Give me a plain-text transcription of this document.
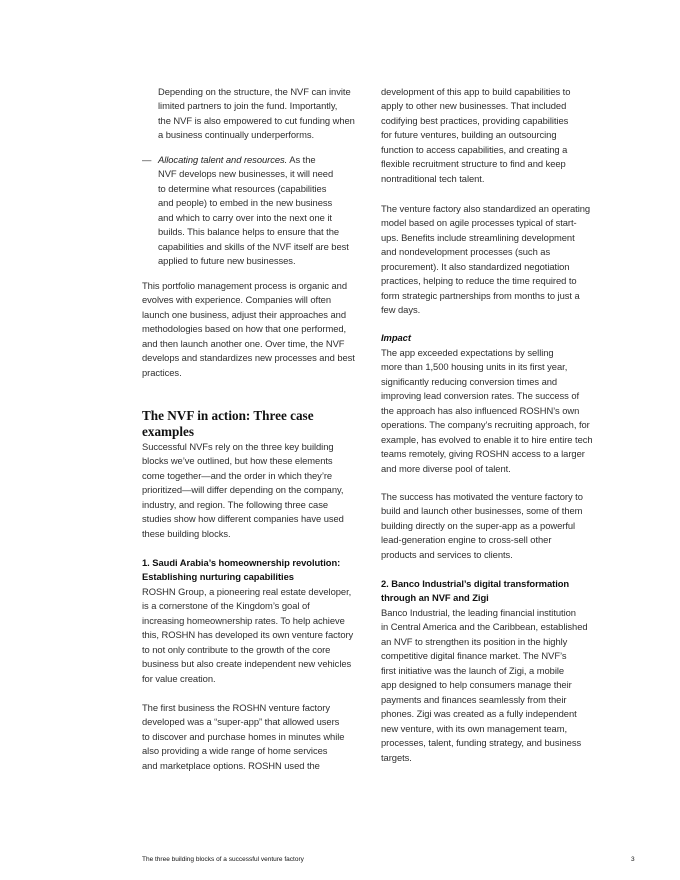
Depending on the structure, the NVF can invite
limited partners to join the fund. Importantly,
the NVF is also empowered to cut funding when
a business continually underperforms.
— Allocating talent and resources. As the
NVF develops new businesses, it will need
to determine what resources (capabilities
and people) to embed in the new business
and which to carry over into the next one it
builds. This balance helps to ensure that the
capabilities and skills of the NVF itself are best
applied to future new businesses.
This portfolio management process is organic and
evolves with experience. Companies will often
launch one business, adjust their approaches and
methodologies based on how that one performed,
and then launch another one. Over time, the NVF
develops and standardizes new processes and best
practices.
The NVF in action: Three case
examples
Successful NVFs rely on the three key building
blocks we’ve outlined, but how these elements
come together—and the order in which they’re
prioritized—will differ depending on the company,
industry, and region. The following three case
studies show how different companies have used
these building blocks.
1. Saudi Arabia’s homeownership revolution:
Establishing nurturing capabilities
ROSHN Group, a pioneering real estate developer,
is a cornerstone of the Kingdom’s goal of
increasing homeownership rates. To help achieve
this, ROSHN has developed its own venture factory
to not only contribute to the growth of the core
business but also create independent new vehicles
for value creation.
The first business the ROSHN venture factory
developed was a “super-app” that allowed users
to discover and purchase homes in minutes while
also providing a wide range of home services
and marketplace options. ROSHN used the
development of this app to build capabilities to
apply to other new businesses. That included
codifying best practices, providing capabilities
for future ventures, building an outsourcing
function to access capabilities, and creating a
flexible recruitment structure to find and keep
nontraditional tech talent.
The venture factory also standardized an operating
model based on agile processes typical of start-
ups. Benefits include streamlining development
and nondevelopment processes (such as
procurement). It also standardized negotiation
practices, helping to reduce the time required to
form strategic partnerships from months to just a
few days.
Impact
The app exceeded expectations by selling
more than 1,500 housing units in its first year,
significantly reducing conversion times and
improving lead conversion rates. The success of
the approach has also influenced ROSHN’s own
operations. The company’s recruiting approach, for
example, has evolved to enable it to hire entire tech
teams remotely, giving ROSHN access to a larger
and more diverse pool of talent.
The success has motivated the venture factory to
build and launch other businesses, some of them
building directly on the super-app as a powerful
lead-generation engine to cross-sell other
products and services to clients.
2. Banco Industrial’s digital transformation
through an NVF and Zigi
Banco Industrial, the leading financial institution
in Central America and the Caribbean, established
an NVF to strengthen its position in the highly
competitive digital finance market. The NVF’s
first initiative was the launch of Zigi, a mobile
app designed to help consumers manage their
payments and finances seamlessly from their
phones. Zigi was created as a fully independent
new venture, with its own management team,
processes, talent, funding strategy, and business
targets.
The three building blocks of a successful venture factory	3
